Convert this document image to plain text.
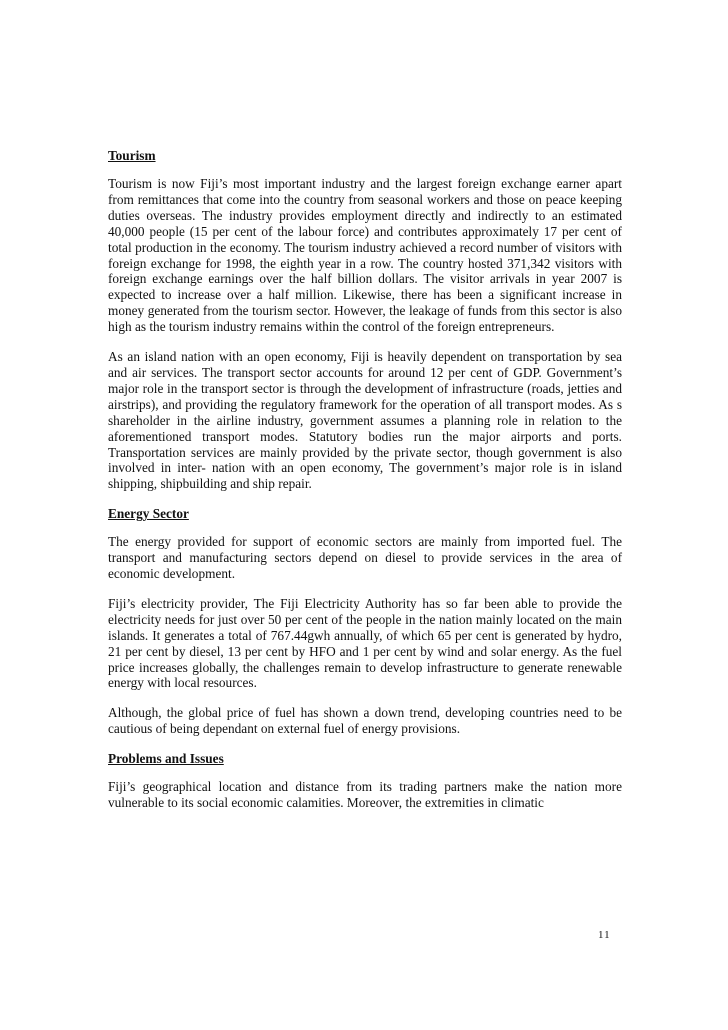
Tourism

Tourism is now Fiji’s most important industry and the largest foreign exchange earner apart from remittances that come into the country from seasonal workers and those on peace keeping duties overseas. The industry provides employment directly and indirectly to an estimated 40,000 people (15 per cent of the labour force) and contributes approximately 17 per cent of total production in the economy. The tourism industry achieved a record number of visitors with foreign exchange for 1998, the eighth year in a row. The country hosted 371,342 visitors with foreign exchange earnings over the half billion dollars. The visitor arrivals in year 2007 is expected to increase over a half million. Likewise, there has been a significant increase in money generated from the tourism sector. However, the leakage of funds from this sector is also high as the tourism industry remains within the control of the foreign entrepreneurs.

As an island nation with an open economy, Fiji is heavily dependent on transportation by sea and air services. The transport sector accounts for around 12 per cent of GDP. Government’s major role in the transport sector is through the development of infrastructure (roads, jetties and airstrips), and providing the regulatory framework for the operation of all transport modes. As s shareholder in the airline industry, government assumes a planning role in relation to the aforementioned transport modes. Statutory bodies run the major airports and ports. Transportation services are mainly provided by the private sector, though government is also involved in inter- nation with an open economy, The government’s major role is in island shipping, shipbuilding and ship repair.

Energy Sector

The energy provided for support of economic sectors are mainly from imported fuel. The transport and manufacturing sectors depend on diesel to provide services in the area of economic development.

Fiji’s electricity provider, The Fiji Electricity Authority has so far been able to provide the electricity needs for just over 50 per cent of the people in the nation mainly located on the main islands. It generates a total of 767.44gwh annually, of which 65 per cent is generated by hydro, 21 per cent by diesel, 13 per cent by HFO and 1 per cent by wind and solar energy. As the fuel price increases globally, the challenges remain to develop infrastructure to generate renewable energy with local resources.

Although, the global price of fuel has shown a down trend, developing countries need to be cautious of being dependant on external fuel of energy provisions.

Problems and Issues

Fiji’s geographical location and distance from its trading partners make the nation more vulnerable to its social economic calamities. Moreover, the extremities in climatic

11
